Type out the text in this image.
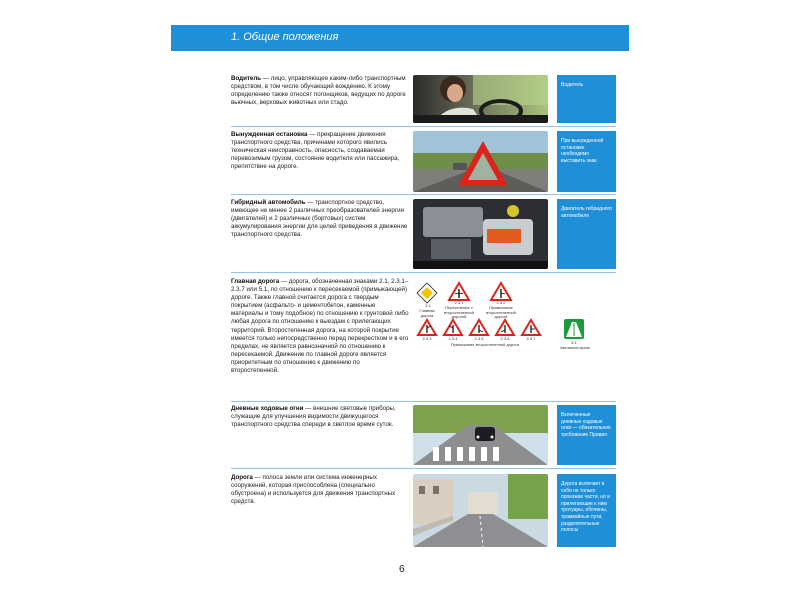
1. Общие положения
Водитель — лицо, управляющее каким-либо транспортным средством, в том числе обучающий вождению. К этому определению также относят погонщиков, ведущих по дороге вьючных, верховых животных или стадо.
Водитель
Вынужденная остановка — прекращение движения транспортного средства, причинами которого явились техническая неисправность, опасность, создаваемая перевозимым грузом, состояние водителя или пассажира, препятствие на дороге.
При вынужденной остановке необходимо выставить знак
Гибридный автомобиль — транспортное средство, имеющее не менее 2 различных преобразователей энергии (двигателей) и 2 различных (бортовых) систем аккумулирования энергии для целей приведения в движение транспортного средства.
Двигатель гибридного автомобиля
Главная дорога — дорога, обозначенная знаками 2.1, 2.3.1–2.3.7 или 5.1, по отношению к пересекаемой (примыкающей) дороге. Также главной считается дорога с твердым покрытием (асфальто- и цементобетон, каменные материалы и тому подобное) по отношению к грунтовой либо любая дорога по отношению к выездам с прилегающих территорий. Второстепенная дорога, на которой покрытие имеется только непосредственно перед перекрестком и в его пределах, не является равнозначной по отношению к пересекаемой. Движение по главной дороге является приоритетным по отношению к движению по второстепенной.
2.1
Главная дорога
2.3.1
Пересечение с второстепенной дорогой
2.3.2
Примыкание второстепенной дороги
2.3.3	2.3.4	2.3.5	2.3.6	2.3.7
Примыкание второстепенной дороги	5.1
Автомагистраль
Дневные ходовые огни — внешние световые приборы, служащие для улучшения видимости движущегося транспортного средства спереди в светлое время суток.
Включенные дневные ходовые огни — обязательное требование Правил
Дорога — полоса земли или система инженерных сооружений, которая приспособлена (специально обустроена) и используется для движения транспортных средств.
Дорога включает в себя не только проезжие части, но и прилегающие к ним тротуары, обочины, трамвайные пути, разделительные полосы
6
